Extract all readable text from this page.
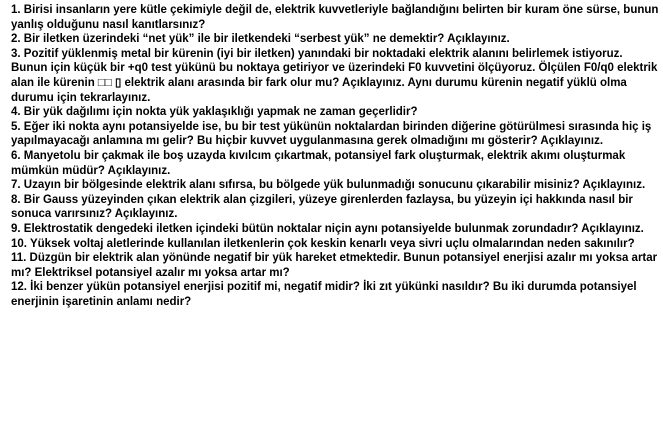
1. Birisi insanların yere kütle çekimiyle değil de, elektrik kuvvetleriyle bağlandığını belirten bir kuram öne sürse, bunun yanlış olduğunu nasıl kanıtlarsınız?

2. Bir iletken üzerindeki “net yük” ile bir iletkendeki “serbest yük” ne demektir? Açıklayınız.

3. Pozitif yüklenmiş metal bir kürenin (iyi bir iletken) yanındaki bir noktadaki elektrik alanını belirlemek istiyoruz. Bunun için küçük bir +q0 test yükünü bu noktaya getiriyor ve üzerindeki F0 kuvvetini ölçüyoruz. Ölçülen F0/q0 elektrik alan ile kürenin □□ ▯ elektrik alanı arasında bir fark olur mu? Açıklayınız. Aynı durumu kürenin negatif yüklü olma durumu için tekrarlayınız.

4. Bir yük dağılımı için nokta yük yaklaşıklığı yapmak ne zaman geçerlidir?

5. Eğer iki nokta aynı potansiyelde ise, bu bir test yükünün noktalardan birinden diğerine götürülmesi sırasında hiç iş yapılmayacağı anlamına mı gelir? Bu hiçbir kuvvet uygulanmasına gerek olmadığını mı gösterir? Açıklayınız.

6. Manyetolu bir çakmak ile boş uzayda kıvılcım çıkartmak, potansiyel fark oluşturmak, elektrik akımı oluşturmak mümkün müdür? Açıklayınız.

7. Uzayın bir bölgesinde elektrik alanı sıfırsa, bu bölgede yük bulunmadığı sonucunu çıkarabilir misiniz? Açıklayınız.

8. Bir Gauss yüzeyinden çıkan elektrik alan çizgileri, yüzeye girenlerden fazlaysa, bu yüzeyin içi hakkında nasıl bir sonuca varırsınız? Açıklayınız.

9. Elektrostatik dengedeki iletken içindeki bütün noktalar niçin aynı potansiyelde bulunmak zorundadır? Açıklayınız.

10. Yüksek voltaj aletlerinde kullanılan iletkenlerin çok keskin kenarlı veya sivri uçlu olmalarından neden sakınılır?

11. Düzgün bir elektrik alan yönünde negatif bir yük hareket etmektedir. Bunun potansiyel enerjisi azalır mı yoksa artar mı? Elektriksel potansiyel azalır mı yoksa artar mı?

12. İki benzer yükün potansiyel enerjisi pozitif mi, negatif midir? İki zıt yükünki nasıldır? Bu iki durumda potansiyel enerjinin işaretinin anlamı nedir?
